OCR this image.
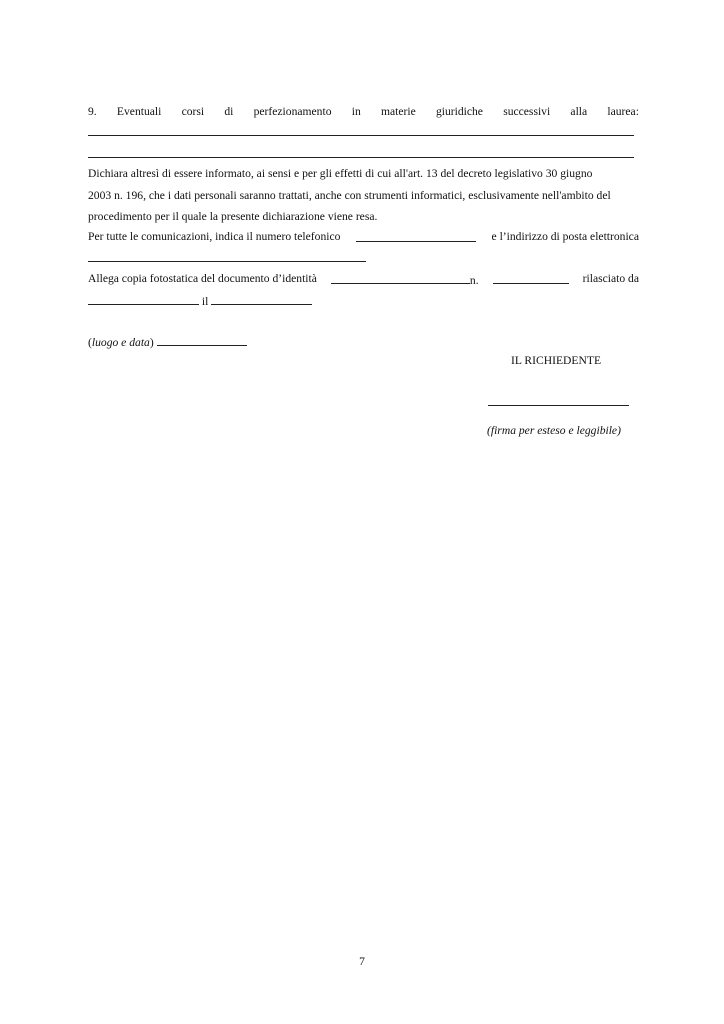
9. Eventuali corsi di perfezionamento in materie giuridiche successivi alla laurea:
Dichiara altresì di essere informato, ai sensi e per gli effetti di cui all'art. 13 del decreto legislativo 30 giugno
2003 n. 196, che i dati personali saranno trattati, anche con strumenti informatici, esclusivamente nell'ambito del
procedimento per il quale la presente dichiarazione viene resa.
Per tutte le comunicazioni, indica il numero telefonico	e l’indirizzo di posta elettronica
Allega copia fotostatica del documento d’identità	n.	rilasciato da
il
(luogo e data)
IL RICHIEDENTE
(firma per esteso e leggibile)
7
